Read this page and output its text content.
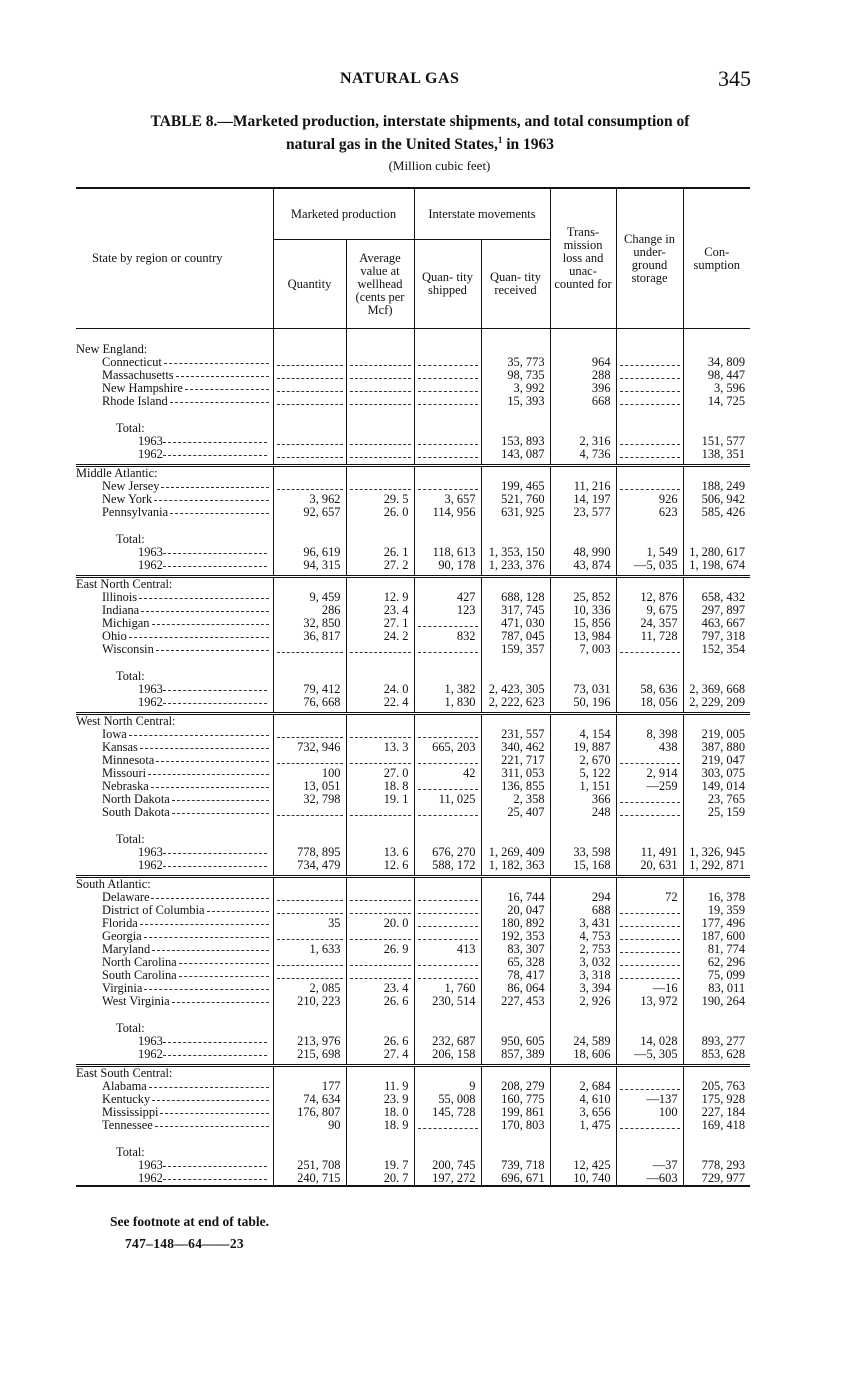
NATURAL GAS	345
TABLE 8.—Marketed production, interstate shipments, and total consumption of
natural gas in the United States,$^1$ in 1963
(Million cubic feet)
State by region or country	Marketed production		Interstate movements		Trans- mission loss and unac- counted for	Change in under- ground storage	Con- sumption
	Quantity	Average value at wellhead (cents per Mcf)	Quan- tity shipped	Quan- tity received			

New England:							
Connecticut				35, 773	964		34, 809
Massachusetts				98, 735	288		98, 447
New Hampshire				3, 992	396		3, 596
Rhode Island				15, 393	668		14, 725

Total:							
1963				153, 893	2, 316		151, 577
1962				143, 087	4, 736		138, 351

Middle Atlantic:							
New Jersey				199, 465	11, 216		188, 249
New York	3, 962	29. 5	3, 657	521, 760	14, 197	926	506, 942
Pennsylvania	92, 657	26. 0	114, 956	631, 925	23, 577	623	585, 426

Total:							
1963	96, 619	26. 1	118, 613	1, 353, 150	48, 990	1, 549	1, 280, 617
1962	94, 315	27. 2	90, 178	1, 233, 376	43, 874	—5, 035	1, 198, 674

East North Central:							
Illinois	9, 459	12. 9	427	688, 128	25, 852	12, 876	658, 432
Indiana	286	23. 4	123	317, 745	10, 336	9, 675	297, 897
Michigan	32, 850	27. 1		471, 030	15, 856	24, 357	463, 667
Ohio	36, 817	24. 2	832	787, 045	13, 984	11, 728	797, 318
Wisconsin				159, 357	7, 003		152, 354

Total:							
1963	79, 412	24. 0	1, 382	2, 423, 305	73, 031	58, 636	2, 369, 668
1962	76, 668	22. 4	1, 830	2, 222, 623	50, 196	18, 056	2, 229, 209

West North Central:							
Iowa				231, 557	4, 154	8, 398	219, 005
Kansas	732, 946	13. 3	665, 203	340, 462	19, 887	438	387, 880
Minnesota				221, 717	2, 670		219, 047
Missouri	100	27. 0	42	311, 053	5, 122	2, 914	303, 075
Nebraska	13, 051	18. 8		136, 855	1, 151	—259	149, 014
North Dakota	32, 798	19. 1	11, 025	2, 358	366		23, 765
South Dakota				25, 407	248		25, 159

Total:							
1963	778, 895	13. 6	676, 270	1, 269, 409	33, 598	11, 491	1, 326, 945
1962	734, 479	12. 6	588, 172	1, 182, 363	15, 168	20, 631	1, 292, 871

South Atlantic:							
Delaware				16, 744	294	72	16, 378
District of Columbia				20, 047	688		19, 359
Florida	35	20. 0		180, 892	3, 431		177, 496
Georgia				192, 353	4, 753		187, 600
Maryland	1, 633	26. 9	413	83, 307	2, 753		81, 774
North Carolina				65, 328	3, 032		62, 296
South Carolina				78, 417	3, 318		75, 099
Virginia	2, 085	23. 4	1, 760	86, 064	3, 394	—16	83, 011
West Virginia	210, 223	26. 6	230, 514	227, 453	2, 926	13, 972	190, 264

Total:							
1963	213, 976	26. 6	232, 687	950, 605	24, 589	14, 028	893, 277
1962	215, 698	27. 4	206, 158	857, 389	18, 606	—5, 305	853, 628

East South Central:							
Alabama	177	11. 9	9	208, 279	2, 684		205, 763
Kentucky	74, 634	23. 9	55, 008	160, 775	4, 610	—137	175, 928
Mississippi	176, 807	18. 0	145, 728	199, 861	3, 656	100	227, 184
Tennessee	90	18. 9		170, 803	1, 475		169, 418

Total:							
1963	251, 708	19. 7	200, 745	739, 718	12, 425	—37	778, 293
1962	240, 715	20. 7	197, 272	696, 671	10, 740	—603	729, 977
See footnote at end of table.
747–148—64——23
